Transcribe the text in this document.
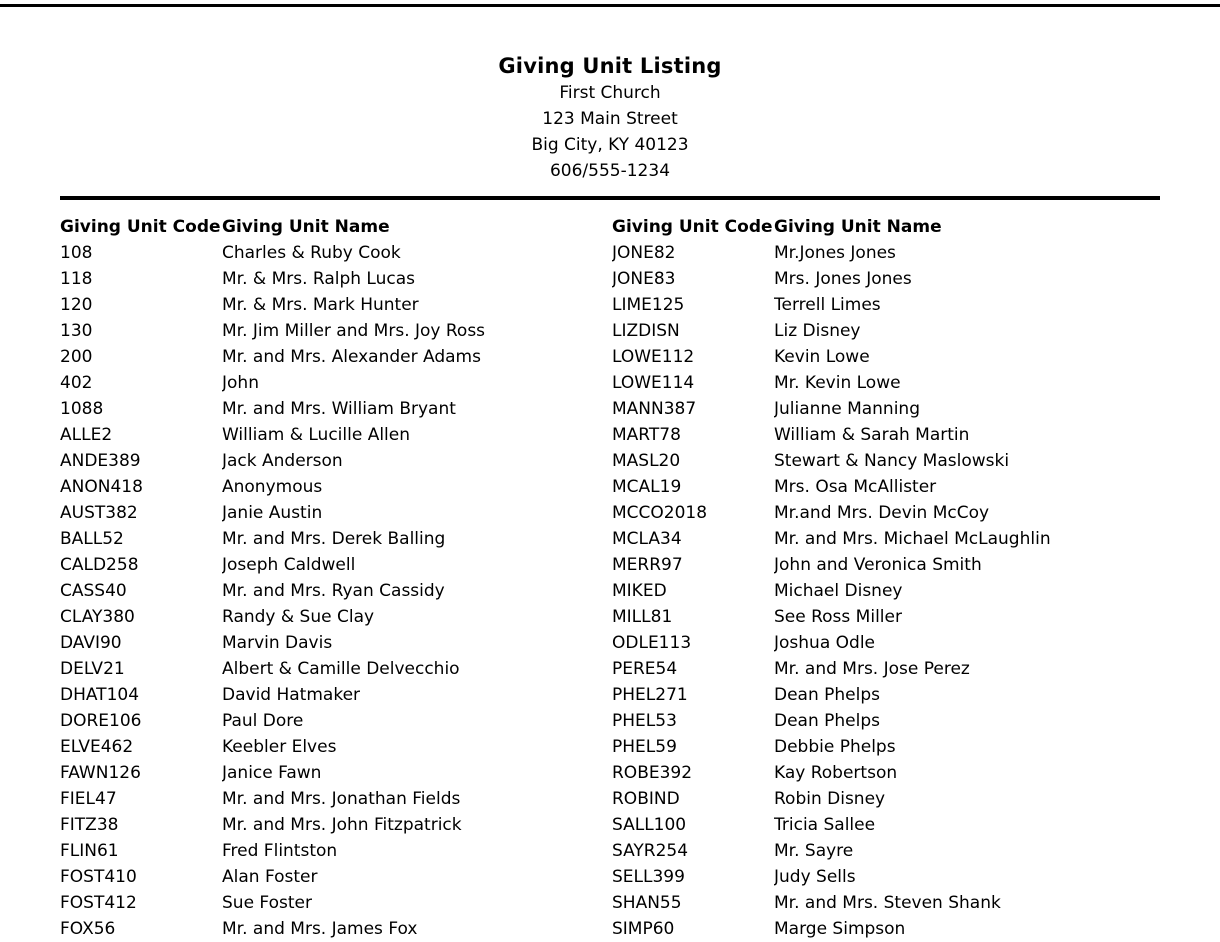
Giving Unit Listing
First Church
123 Main Street
Big City, KY 40123
606/555-1234
Giving Unit Code Giving Unit Name
108	Charles & Ruby Cook
118	Mr. & Mrs. Ralph Lucas
120	Mr. & Mrs. Mark Hunter
130	Mr. Jim Miller and Mrs. Joy Ross
200	Mr. and Mrs. Alexander Adams
402	John
1088	Mr. and Mrs. William Bryant
ALLE2	William & Lucille Allen
ANDE389	Jack Anderson
ANON418	Anonymous
AUST382	Janie Austin
BALL52	Mr. and Mrs. Derek Balling
CALD258	Joseph Caldwell
CASS40	Mr. and Mrs. Ryan Cassidy
CLAY380	Randy & Sue Clay
DAVI90	Marvin Davis
DELV21	Albert & Camille Delvecchio
DHAT104	David Hatmaker
DORE106	Paul Dore
ELVE462	Keebler Elves
FAWN126	Janice Fawn
FIEL47	Mr. and Mrs. Jonathan Fields
FITZ38	Mr. and Mrs. John Fitzpatrick
FLIN61	Fred Flintston
FOST410	Alan Foster
FOST412	Sue Foster
FOX56	Mr. and Mrs. James Fox
Giving Unit Code Giving Unit Name
JONE82	Mr.Jones Jones
JONE83	Mrs. Jones Jones
LIME125	Terrell Limes
LIZDISN	Liz Disney
LOWE112	Kevin Lowe
LOWE114	Mr. Kevin Lowe
MANN387	Julianne Manning
MART78	William & Sarah Martin
MASL20	Stewart & Nancy Maslowski
MCAL19	Mrs. Osa McAllister
MCCO2018	Mr.and Mrs. Devin McCoy
MCLA34	Mr. and Mrs. Michael McLaughlin
MERR97	John and Veronica Smith
MIKED	Michael Disney
MILL81	See Ross Miller
ODLE113	Joshua Odle
PERE54	Mr. and Mrs. Jose Perez
PHEL271	Dean Phelps
PHEL53	Dean Phelps
PHEL59	Debbie Phelps
ROBE392	Kay Robertson
ROBIND	Robin Disney
SALL100	Tricia Sallee
SAYR254	Mr. Sayre
SELL399	Judy Sells
SHAN55	Mr. and Mrs. Steven Shank
SIMP60	Marge Simpson
